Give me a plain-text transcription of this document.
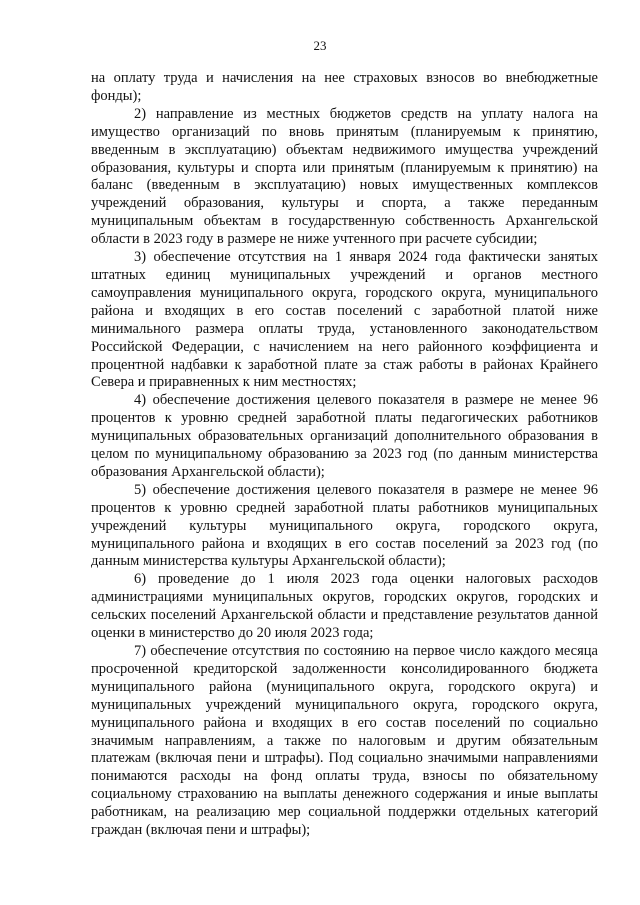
23

на оплату труда и начисления на нее страховых взносов во внебюджетные фонды);

2) направление из местных бюджетов средств на уплату налога на имущество организаций по вновь принятым (планируемым к принятию, введенным в эксплуатацию) объектам недвижимого имущества учреждений образования, культуры и спорта или принятым (планируемым к принятию) на баланс (введенным в эксплуатацию) новых имущественных комплексов учреждений образования, культуры и спорта, а также переданным муниципальным объектам в государственную собственность Архангельской области в 2023 году в размере не ниже учтенного при расчете субсидии;

3) обеспечение отсутствия на 1 января 2024 года фактически занятых штатных единиц муниципальных учреждений и органов местного самоуправления муниципального округа, городского округа, муниципального района и входящих в его состав поселений с заработной платой ниже минимального размера оплаты труда, установленного законодательством Российской Федерации, с начислением на него районного коэффициента и процентной надбавки к заработной плате за стаж работы в районах Крайнего Севера и приравненных к ним местностях;

4) обеспечение достижения целевого показателя в размере не менее 96 процентов к уровню средней заработной платы педагогических работников муниципальных образовательных организаций дополнительного образования в целом по муниципальному образованию за 2023 год (по данным министерства образования Архангельской области);

5) обеспечение достижения целевого показателя в размере не менее 96 процентов к уровню средней заработной платы работников муниципальных учреждений культуры муниципального округа, городского округа, муниципального района и входящих в его состав поселений за 2023 год (по данным министерства культуры Архангельской области);

6) проведение до 1 июля 2023 года оценки налоговых расходов администрациями муниципальных округов, городских округов, городских и сельских поселений Архангельской области и представление результатов данной оценки в министерство до 20 июля 2023 года;

7) обеспечение отсутствия по состоянию на первое число каждого месяца просроченной кредиторской задолженности консолидированного бюджета муниципального района (муниципального округа, городского округа) и муниципальных учреждений муниципального округа, городского округа, муниципального района и входящих в его состав поселений по социально значимым направлениям, а также по налоговым и другим обязательным платежам (включая пени и штрафы). Под социально значимыми направлениями понимаются расходы на фонд оплаты труда, взносы по обязательному социальному страхованию на выплаты денежного содержания и иные выплаты работникам, на реализацию мер социальной поддержки отдельных категорий граждан (включая пени и штрафы);
